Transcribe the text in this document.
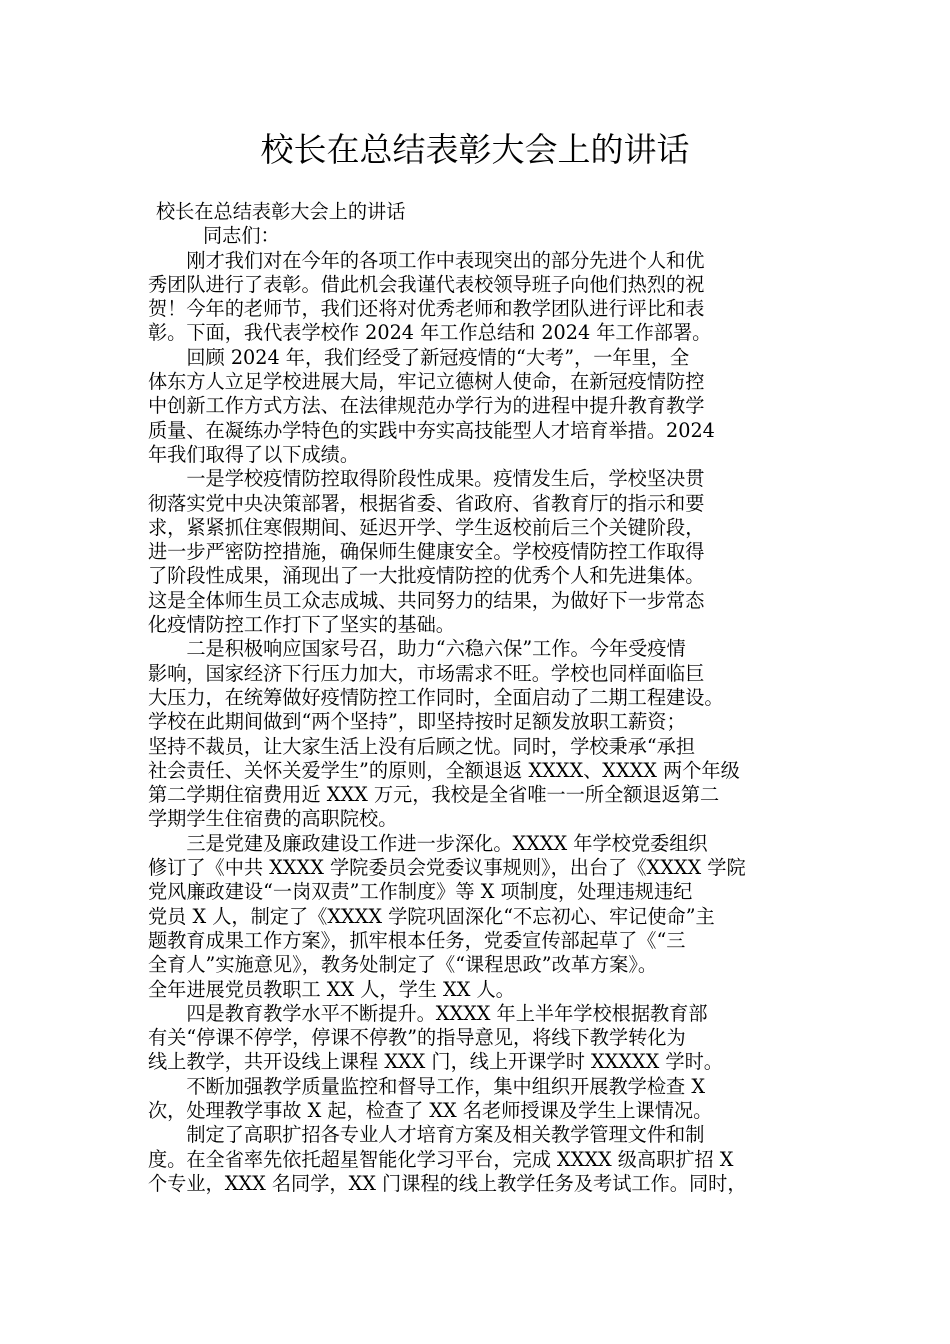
校长在总结表彰大会上的讲话
校长在总结表彰大会上的讲话
同志们：
　　刚才我们对在今年的各项工作中表现突出的部分先进个人和优
秀团队进行了表彰。借此机会我谨代表校领导班子向他们热烈的祝
贺！今年的老师节，我们还将对优秀老师和教学团队进行评比和表
彰。下面，我代表学校作 2024 年工作总结和 2024 年工作部署。
　　回顾 2024 年，我们经受了新冠疫情的“大考”，一年里，全
体东方人立足学校进展大局，牢记立德树人使命，在新冠疫情防控
中创新工作方式方法、在法律规范办学行为的进程中提升教育教学
质量、在凝练办学特色的实践中夯实高技能型人才培育举措。2024
年我们取得了以下成绩。
　　一是学校疫情防控取得阶段性成果。疫情发生后，学校坚决贯
彻落实党中央决策部署，根据省委、省政府、省教育厅的指示和要
求，紧紧抓住寒假期间、延迟开学、学生返校前后三个关键阶段，
进一步严密防控措施，确保师生健康安全。学校疫情防控工作取得
了阶段性成果，涌现出了一大批疫情防控的优秀个人和先进集体。
这是全体师生员工众志成城、共同努力的结果，为做好下一步常态
化疫情防控工作打下了坚实的基础。
　　二是积极响应国家号召，助力“六稳六保”工作。今年受疫情
影响，国家经济下行压力加大，市场需求不旺。学校也同样面临巨
大压力，在统筹做好疫情防控工作同时，全面启动了二期工程建设。
学校在此期间做到“两个坚持”，即坚持按时足额发放职工薪资；
坚持不裁员，让大家生活上没有后顾之忧。同时，学校秉承“承担
社会责任、关怀关爱学生”的原则，全额退返 XXXX、XXXX 两个年级
第二学期住宿费用近 XXX 万元，我校是全省唯一一所全额退返第二
学期学生住宿费的高职院校。
　　三是党建及廉政建设工作进一步深化。XXXX 年学校党委组织
修订了《中共 XXXX 学院委员会党委议事规则》，出台了《XXXX 学院
党风廉政建设“一岗双责”工作制度》等 X 项制度，处理违规违纪
党员 X 人，制定了《XXXX 学院巩固深化“不忘初心、牢记使命”主
题教育成果工作方案》，抓牢根本任务，党委宣传部起草了《“三
全育人”实施意见》，教务处制定了《“课程思政”改革方案》。
全年进展党员教职工 XX 人，学生 XX 人。
　　四是教育教学水平不断提升。XXXX 年上半年学校根据教育部
有关“停课不停学，停课不停教”的指导意见，将线下教学转化为
线上教学，共开设线上课程 XXX 门，线上开课学时 XXXXX 学时。
　　不断加强教学质量监控和督导工作，集中组织开展教学检查 X
次，处理教学事故 X 起，检查了 XX 名老师授课及学生上课情况。
　　制定了高职扩招各专业人才培育方案及相关教学管理文件和制
度。在全省率先依托超星智能化学习平台，完成 XXXX 级高职扩招 X
个专业，XXX 名同学，XX 门课程的线上教学任务及考试工作。同时，
